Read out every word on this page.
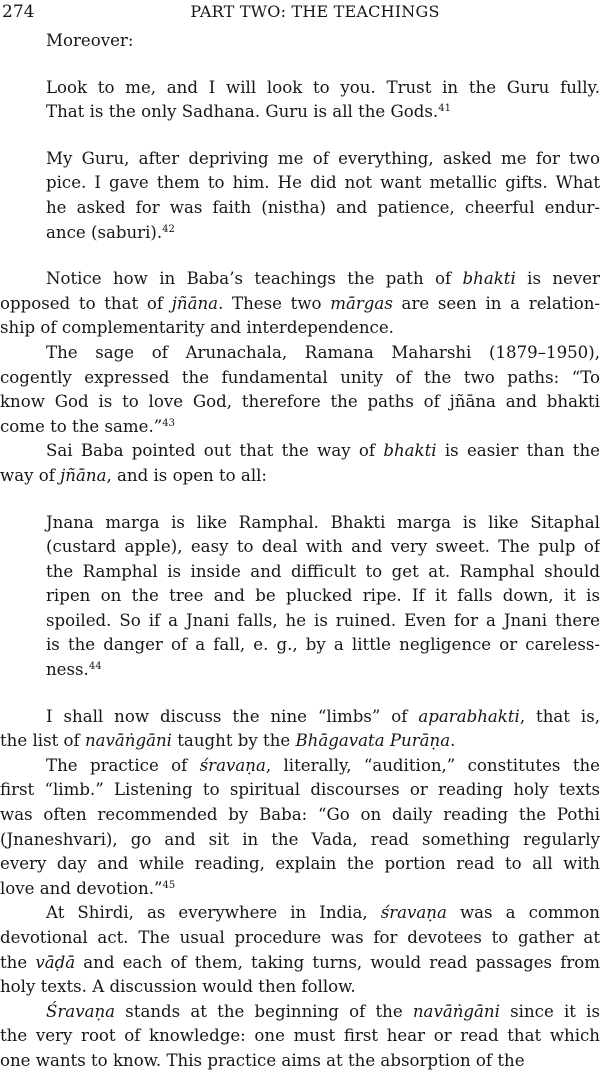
274	PART TWO: THE TEACHINGS
Moreover:
Look to me, and I will look to you. Trust in the Guru fully.
That is the only Sadhana. Guru is all the Gods.$^{41}$
My Guru, after depriving me of everything, asked me for two
pice. I gave them to him. He did not want metallic gifts. What
he asked for was faith (nistha) and patience, cheerful endur-
ance (saburi).$^{42}$
Notice how in Baba’s teachings the path of bhakti is never
opposed to that of jñāna. These two mārgas are seen in a relation-
ship of complementarity and interdependence.
The sage of Arunachala, Ramana Maharshi (1879–1950),
cogently expressed the fundamental unity of the two paths: “To
know God is to love God, therefore the paths of jñāna and bhakti
come to the same.”$^{43}$
Sai Baba pointed out that the way of bhakti is easier than the
way of jñāna, and is open to all:
Jnana marga is like Ramphal. Bhakti marga is like Sitaphal
(custard apple), easy to deal with and very sweet. The pulp of
the Ramphal is inside and difficult to get at. Ramphal should
ripen on the tree and be plucked ripe. If it falls down, it is
spoiled. So if a Jnani falls, he is ruined. Even for a Jnani there
is the danger of a fall, e. g., by a little negligence or careless-
ness.$^{44}$
I shall now discuss the nine “limbs” of aparabhakti, that is,
the list of navāṅgāni taught by the Bhāgavata Purāṇa.
The practice of śravaṇa, literally, “audition,” constitutes the
first “limb.” Listening to spiritual discourses or reading holy texts
was often recommended by Baba: “Go on daily reading the Pothi
(Jnaneshvari), go and sit in the Vada, read something regularly
every day and while reading, explain the portion read to all with
love and devotion.”$^{45}$
At Shirdi, as everywhere in India, śravaṇa was a common
devotional act. The usual procedure was for devotees to gather at
the vāḍā and each of them, taking turns, would read passages from
holy texts. A discussion would then follow.
Śravaṇa stands at the beginning of the navāṅgāni since it is
the very root of knowledge: one must first hear or read that which
one wants to know. This practice aims at the absorption of the
